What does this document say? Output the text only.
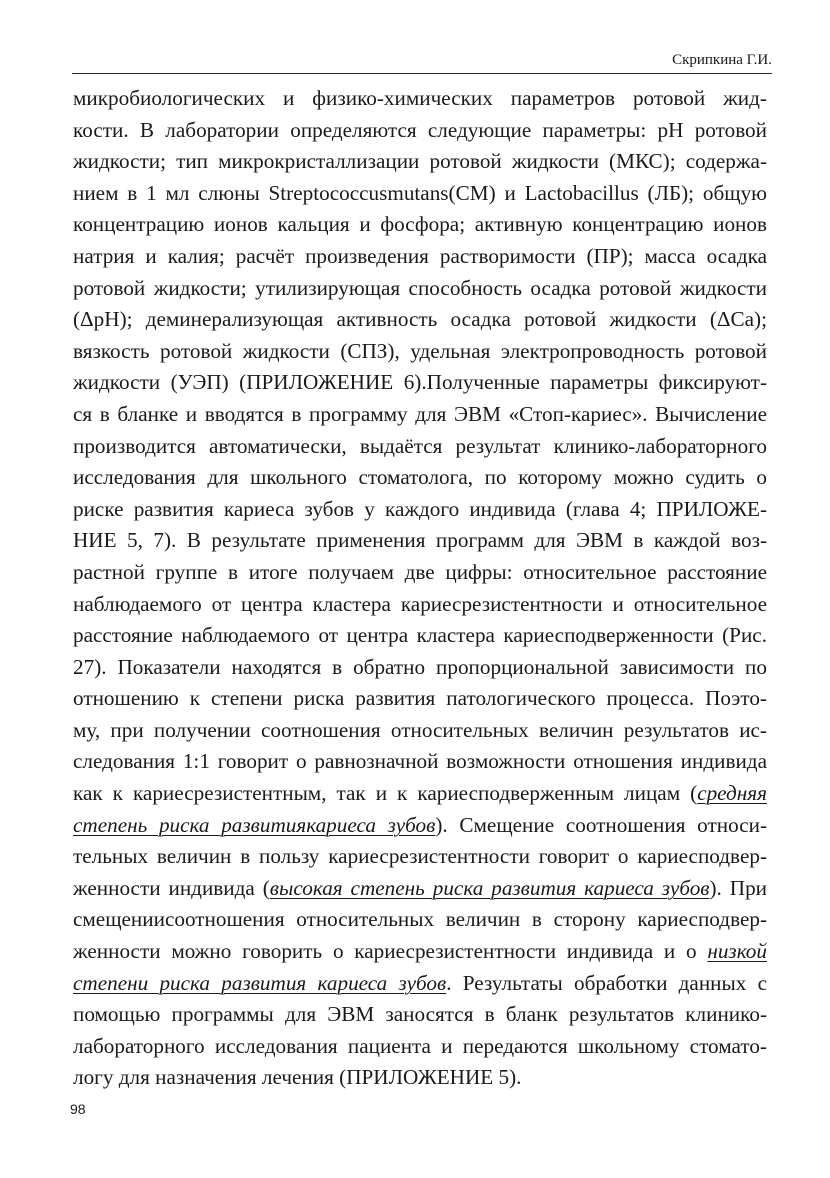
Скрипкина Г.И.
микробиологических и физико-химических параметров ротовой жид-
кости. В лаборатории определяются следующие параметры: pH ротовой
жидкости; тип микрокристаллизации ротовой жидкости (МКС); содержа-
нием в 1 мл слюны Streptococcusmutans(СМ) и Lactobacillus (ЛБ); общую
концентрацию ионов кальция и фосфора; активную концентрацию ионов
натрия и калия; расчёт произведения растворимости (ПР); масса осадка
ротовой жидкости; утилизирующая способность осадка ротовой жидкости
(ΔpH); деминерализующая активность осадка ротовой жидкости (ΔCa);
вязкость ротовой жидкости (СПЗ), удельная электропроводность ротовой
жидкости (УЭП) (ПРИЛОЖЕНИЕ 6).Полученные параметры фиксируют-
ся в бланке и вводятся в программу для ЭВМ «Стоп-кариес». Вычисление
производится автоматически, выдаётся результат клинико-лабораторного
исследования для школьного стоматолога, по которому можно судить о
риске развития кариеса зубов у каждого индивида (глава 4; ПРИЛОЖЕ-
НИЕ 5, 7). В результате применения программ для ЭВМ в каждой воз-
растной группе в итоге получаем две цифры: относительное расстояние
наблюдаемого от центра кластера кариесрезистентности и относительное
расстояние наблюдаемого от центра кластера кариесподверженности (Рис.
27). Показатели находятся в обратно пропорциональной зависимости по
отношению к степени риска развития патологического процесса. Поэто-
му, при получении соотношения относительных величин результатов ис-
следования 1:1 говорит о равнозначной возможности отношения индивида
как к кариесрезистентным, так и к кариесподверженным лицам (средняя
степень риска развитиякариеса зубов). Смещение соотношения относи-
тельных величин в пользу кариесрезистентности говорит о кариесподвер-
женности индивида (высокая степень риска развития кариеса зубов). При
смещениисоотношения относительных величин в сторону кариесподвер-
женности можно говорить о кариесрезистентности индивида и о низкой
степени риска развития кариеса зубов. Результаты обработки данных с
помощью программы для ЭВМ заносятся в бланк результатов клинико-
лабораторного исследования пациента и передаются школьному стомато-
логу для назначения лечения (ПРИЛОЖЕНИЕ 5).
98
